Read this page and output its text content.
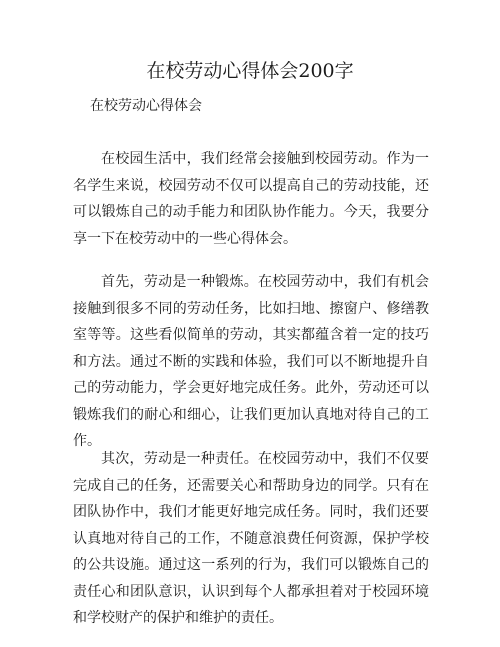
在校劳动心得体会200字

在校劳动心得体会

在校园生活中，我们经常会接触到校园劳动。作为一名学生来说，校园劳动不仅可以提高自己的劳动技能，还可以锻炼自己的动手能力和团队协作能力。今天，我要分享一下在校劳动中的一些心得体会。

首先，劳动是一种锻炼。在校园劳动中，我们有机会接触到很多不同的劳动任务，比如扫地、擦窗户、修缮教室等等。这些看似简单的劳动，其实都蕴含着一定的技巧和方法。通过不断的实践和体验，我们可以不断地提升自己的劳动能力，学会更好地完成任务。此外，劳动还可以锻炼我们的耐心和细心，让我们更加认真地对待自己的工作。

其次，劳动是一种责任。在校园劳动中，我们不仅要完成自己的任务，还需要关心和帮助身边的同学。只有在团队协作中，我们才能更好地完成任务。同时，我们还要认真地对待自己的工作，不随意浪费任何资源，保护学校的公共设施。通过这一系列的行为，我们可以锻炼自己的责任心和团队意识，认识到每个人都承担着对于校园环境和学校财产的保护和维护的责任。
